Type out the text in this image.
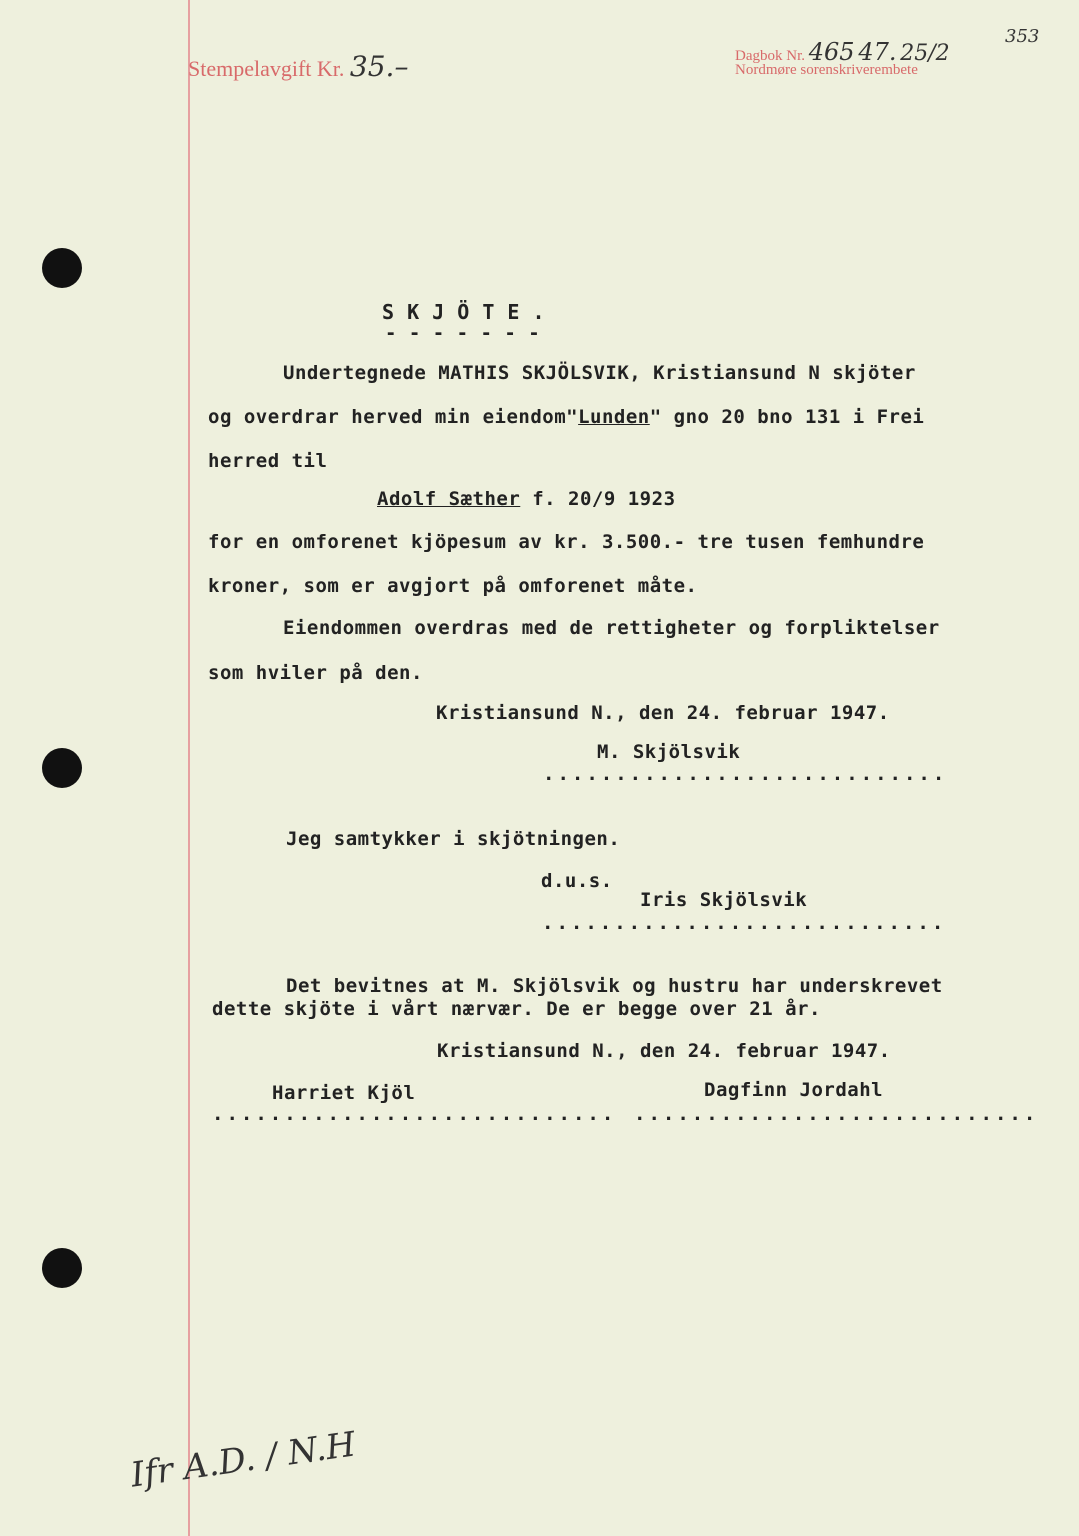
Stempelavgift Kr. 35.–	Dagbok Nr. 465 47. 25/2
Nordmøre sorenskriverembete
353
S K J Ö T E .
- - - - - - -
Undertegnede MATHIS SKJÖLSVIK, Kristiansund N skjöter
og overdrar herved min eiendom"Lunden" gno 20 bno 131 i Frei
herred til
Adolf Sæther f. 20/9 1923
for en omforenet kjöpesum av kr. 3.500.- tre tusen femhundre
kroner, som er avgjort på omforenet måte.
Eiendommen overdras med de rettigheter og forpliktelser
som hviler på den.
Kristiansund N., den 24. februar 1947.
M. Skjölsvik
............................
Jeg samtykker i skjötningen.
d.u.s.
Iris Skjölsvik
............................
Det bevitnes at M. Skjölsvik og hustru har underskrevet
dette skjöte i vårt nærvær. De er begge over 21 år.
Kristiansund N., den 24. februar 1947.
Harriet Kjöl	Dagfinn Jordahl
............................ ............................
Ifr A.D. / N.H
